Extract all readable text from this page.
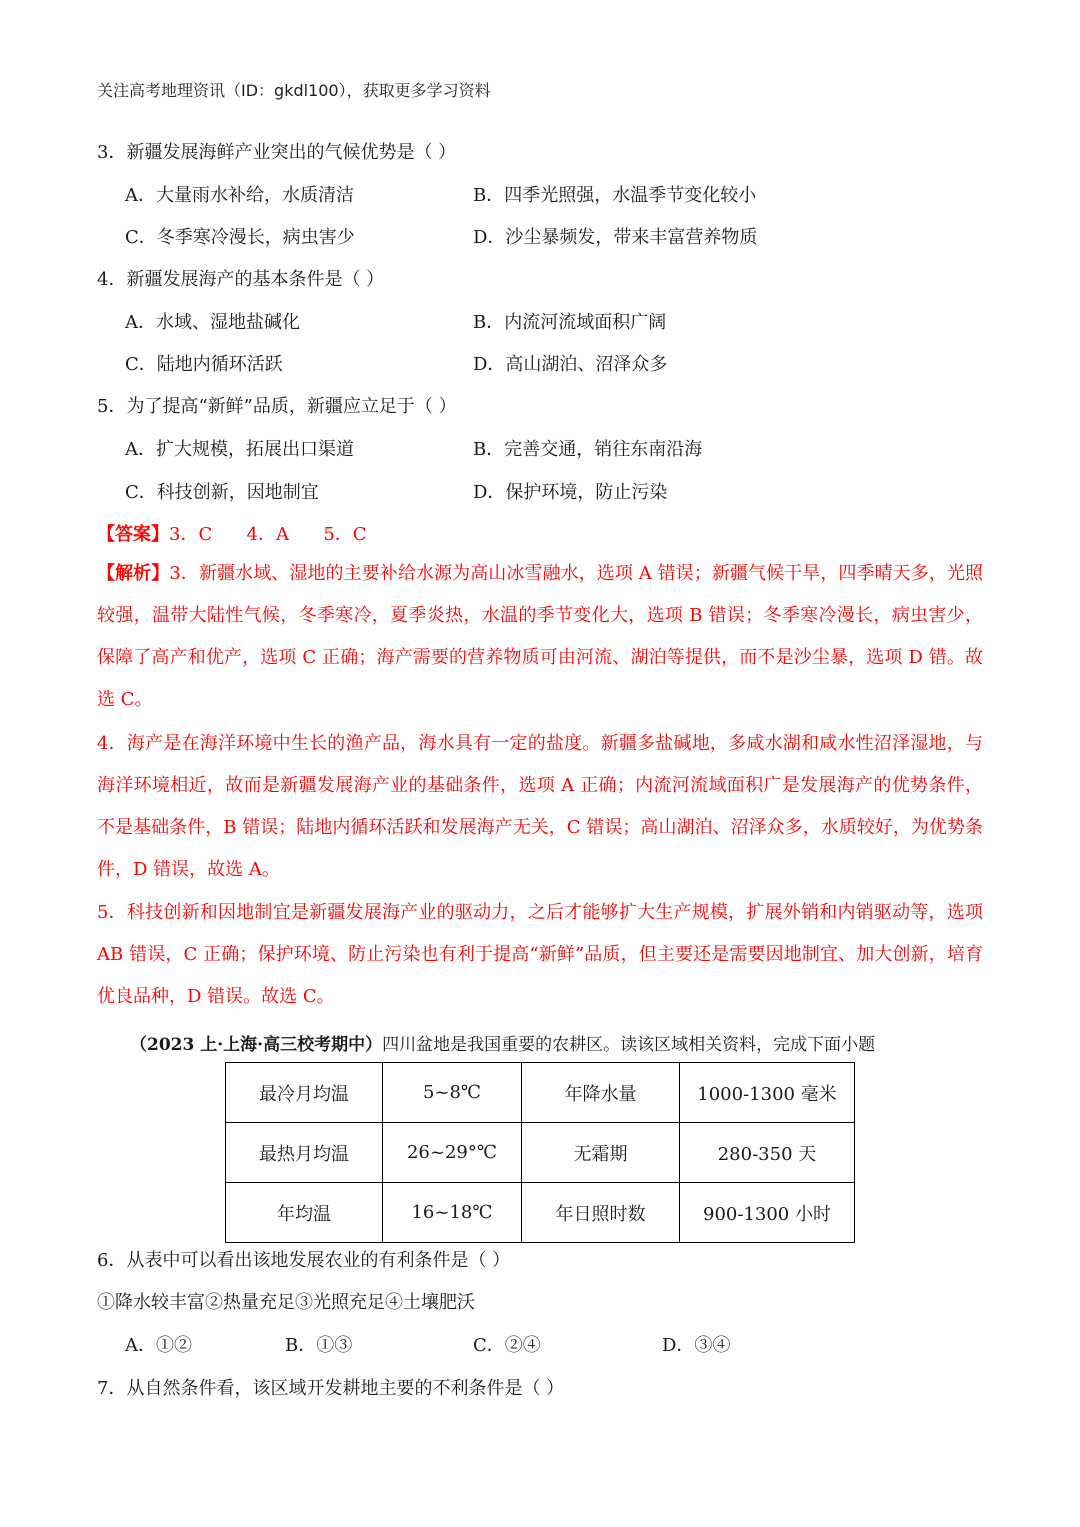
关注高考地理资讯（ID：gkdl100），获取更多学习资料
3．新疆发展海鲜产业突出的气候优势是（ ）
A．大量雨水补给，水质清洁	B．四季光照强，水温季节变化较小
C．冬季寒冷漫长，病虫害少	D．沙尘暴频发，带来丰富营养物质
4．新疆发展海产的基本条件是（ ）
A．水域、湿地盐碱化	B．内流河流域面积广阔
C．陆地内循环活跃	D．高山湖泊、沼泽众多
5．为了提高“新鲜”品质，新疆应立足于（ ）
A．扩大规模，拓展出口渠道	B．完善交通，销往东南沿海
C．科技创新，因地制宜	D．保护环境，防止污染
【答案】3．C      4．A      5．C
【解析】3．新疆水域、湿地的主要补给水源为高山冰雪融水，选项 A 错误；新疆气候干旱，四季晴天多，光照较强，温带大陆性气候，冬季寒冷，夏季炎热，水温的季节变化大，选项 B 错误；冬季寒冷漫长，病虫害少，保障了高产和优产，选项 C 正确；海产需要的营养物质可由河流、湖泊等提供，而不是沙尘暴，选项 D 错。故选 C。
4．海产是在海洋环境中生长的渔产品，海水具有一定的盐度。新疆多盐碱地，多咸水湖和咸水性沼泽湿地，与海洋环境相近，故而是新疆发展海产业的基础条件，选项 A 正确；内流河流域面积广是发展海产的优势条件，不是基础条件，B 错误；陆地内循环活跃和发展海产无关，C 错误；高山湖泊、沼泽众多，水质较好，为优势条件，D 错误，故选 A。
5．科技创新和因地制宜是新疆发展海产业的驱动力，之后才能够扩大生产规模，扩展外销和内销驱动等，选项 AB 错误，C 正确；保护环境、防止污染也有利于提高“新鲜”品质，但主要还是需要因地制宜、加大创新，培育优良品种，D 错误。故选 C。
（2023 上·上海·高三校考期中）四川盆地是我国重要的农耕区。读该区域相关资料，完成下面小题
最冷月均温	5~8℃	年降水量	1000-1300 毫米
最热月均温	26~29°℃	无霜期	280-350 天
年均温	16~18℃	年日照时数	900-1300 小时
6．从表中可以看出该地发展农业的有利条件是（ ）
①降水较丰富②热量充足③光照充足④土壤肥沃
A．①②	B．①③	C．②④	D．③④
7．从自然条件看，该区域开发耕地主要的不利条件是（ ）
